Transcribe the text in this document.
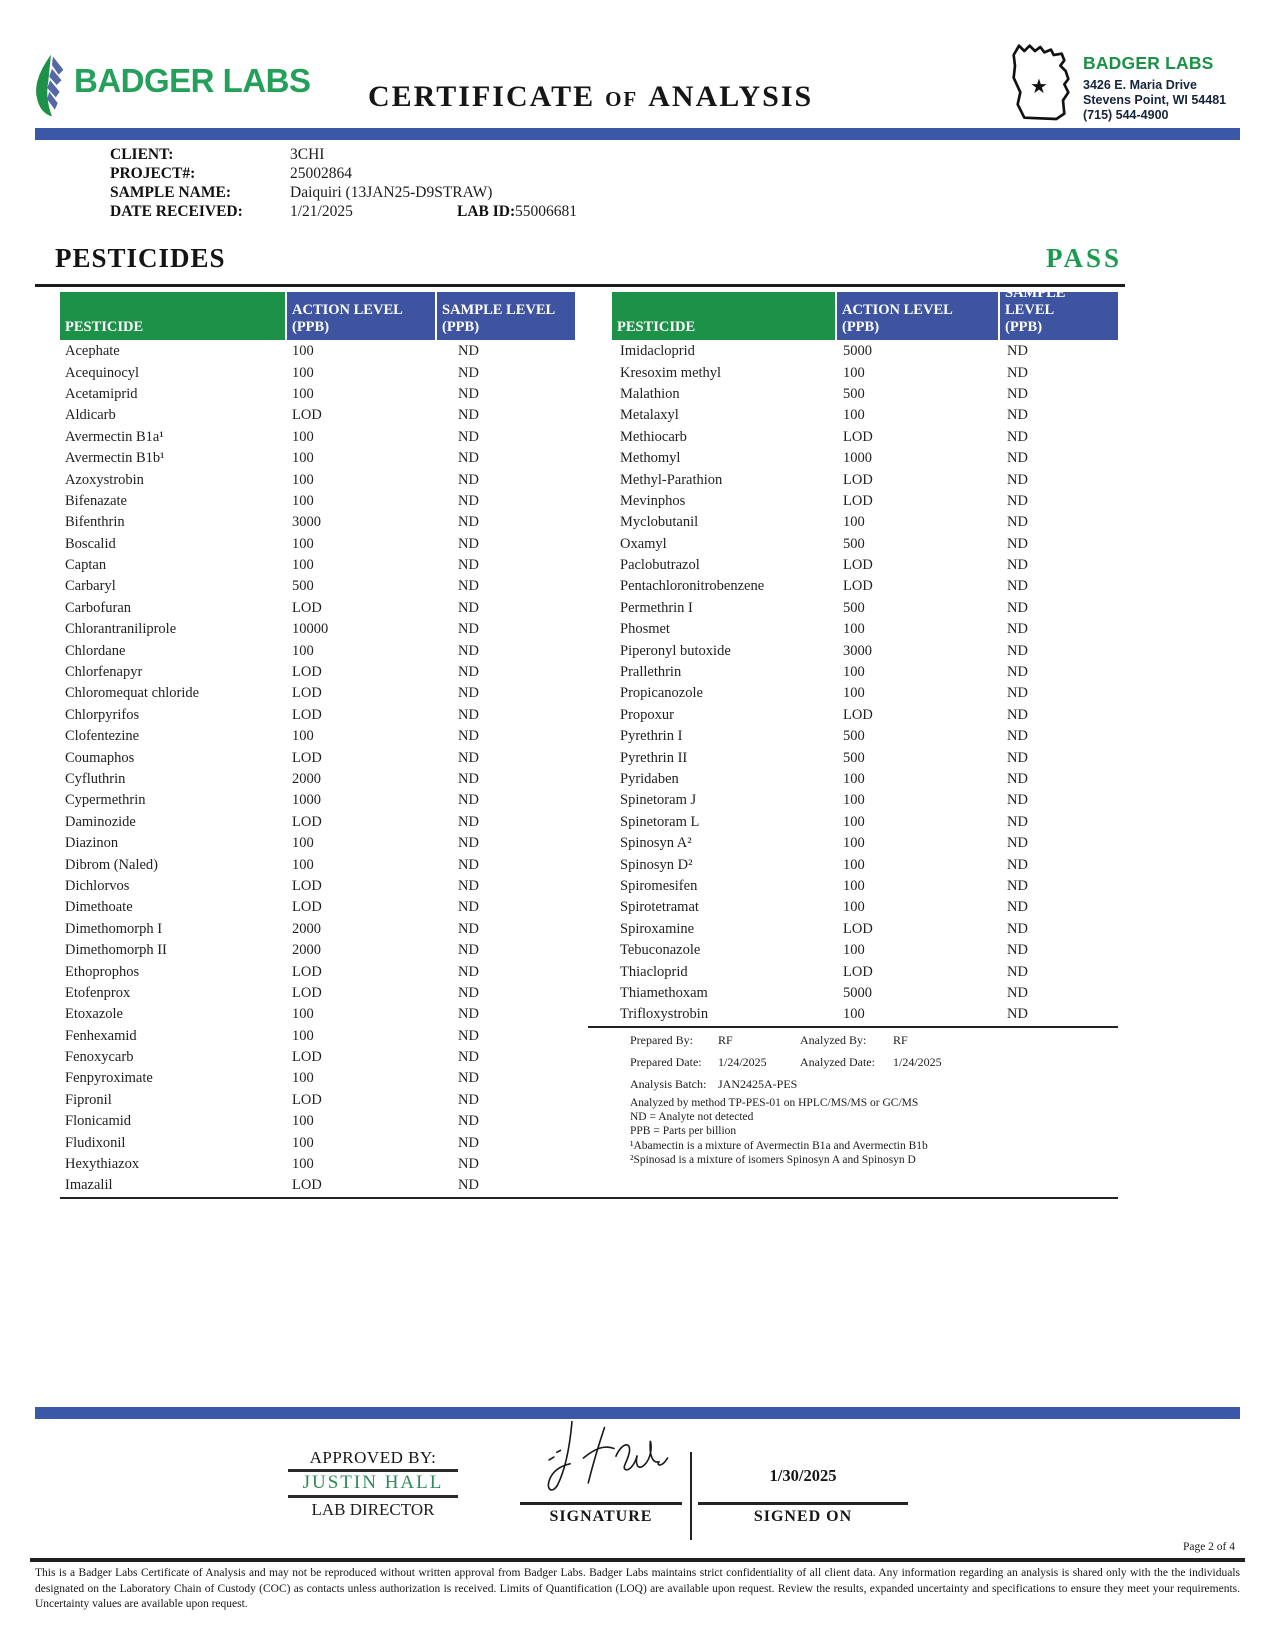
BADGER LABS CERTIFICATE OF ANALYSIS	★
BADGER LABS
3426 E. Maria Drive
Stevens Point, WI 54481
(715) 544-4900
CLIENT:	3CHI
PROJECT#:	25002864
SAMPLE NAME:	Daiquiri (13JAN25-D9STRAW)
DATE RECEIVED:	1/21/2025	LAB ID: 55006681
PESTICIDES	PASS
PESTICIDE
ACTION LEVEL
(PPB)
SAMPLE LEVEL
(PPB)	PESTICIDE
ACTION LEVEL
(PPB)
SAMPLE LEVEL
(PPB)
Acephate	100	ND
Acequinocyl	100	ND
Acetamiprid	100	ND
Aldicarb	LOD	ND
Avermectin B1a¹	100	ND
Avermectin B1b¹	100	ND
Azoxystrobin	100	ND
Bifenazate	100	ND
Bifenthrin	3000	ND
Boscalid	100	ND
Captan	100	ND
Carbaryl	500	ND
Carbofuran	LOD	ND
Chlorantraniliprole	10000	ND
Chlordane	100	ND
Chlorfenapyr	LOD	ND
Chloromequat chloride	LOD	ND
Chlorpyrifos	LOD	ND
Clofentezine	100	ND
Coumaphos	LOD	ND
Cyfluthrin	2000	ND
Cypermethrin	1000	ND
Daminozide	LOD	ND
Diazinon	100	ND
Dibrom (Naled)	100	ND
Dichlorvos	LOD	ND
Dimethoate	LOD	ND
Dimethomorph I	2000	ND
Dimethomorph II	2000	ND
Ethoprophos	LOD	ND
Etofenprox	LOD	ND
Etoxazole	100	ND
Fenhexamid	100	ND
Fenoxycarb	LOD	ND
Fenpyroximate	100	ND
Fipronil	LOD	ND
Flonicamid	100	ND
Fludixonil	100	ND
Hexythiazox	100	ND
Imazalil	LOD	ND
Imidacloprid	5000	ND
Kresoxim methyl	100	ND
Malathion	500	ND
Metalaxyl	100	ND
Methiocarb	LOD	ND
Methomyl	1000	ND
Methyl-Parathion	LOD	ND
Mevinphos	LOD	ND
Myclobutanil	100	ND
Oxamyl	500	ND
Paclobutrazol	LOD	ND
Pentachloronitrobenzene	LOD	ND
Permethrin I	500	ND
Phosmet	100	ND
Piperonyl butoxide	3000	ND
Prallethrin	100	ND
Propicanozole	100	ND
Propoxur	LOD	ND
Pyrethrin I	500	ND
Pyrethrin II	500	ND
Pyridaben	100	ND
Spinetoram J	100	ND
Spinetoram L	100	ND
Spinosyn A²	100	ND
Spinosyn D²	100	ND
Spiromesifen	100	ND
Spirotetramat	100	ND
Spiroxamine	LOD	ND
Tebuconazole	100	ND
Thiacloprid	LOD	ND
Thiamethoxam	5000	ND
Trifloxystrobin	100	ND
Prepared By: RF	Analyzed By: RF
Prepared Date: 1/24/2025	Analyzed Date: 1/24/2025
Analysis Batch: JAN2425A-PES
Analyzed by method TP-PES-01 on HPLC/MS/MS or GC/MS
ND = Analyte not detected
PPB = Parts per billion
¹Abamectin is a mixture of Avermectin B1a and Avermectin B1b
²Spinosad is a mixture of isomers Spinosyn A and Spinosyn D
APPROVED BY:
JUSTIN HALL
LAB DIRECTOR	SIGNATURE
1/30/2025
SIGNED ON
Page 2 of 4
This is a Badger Labs Certificate of Analysis and may not be reproduced without written approval from Badger Labs. Badger Labs maintains strict confidentiality of all client data. Any information regarding an analysis is shared only with the the individuals designated on the Laboratory Chain of Custody (COC) as contacts unless authorization is received. Limits of Quantification (LOQ) are available upon request. Review the results, expanded uncertainty and specifications to ensure they meet your requirements. Uncertainty values are available upon request.
